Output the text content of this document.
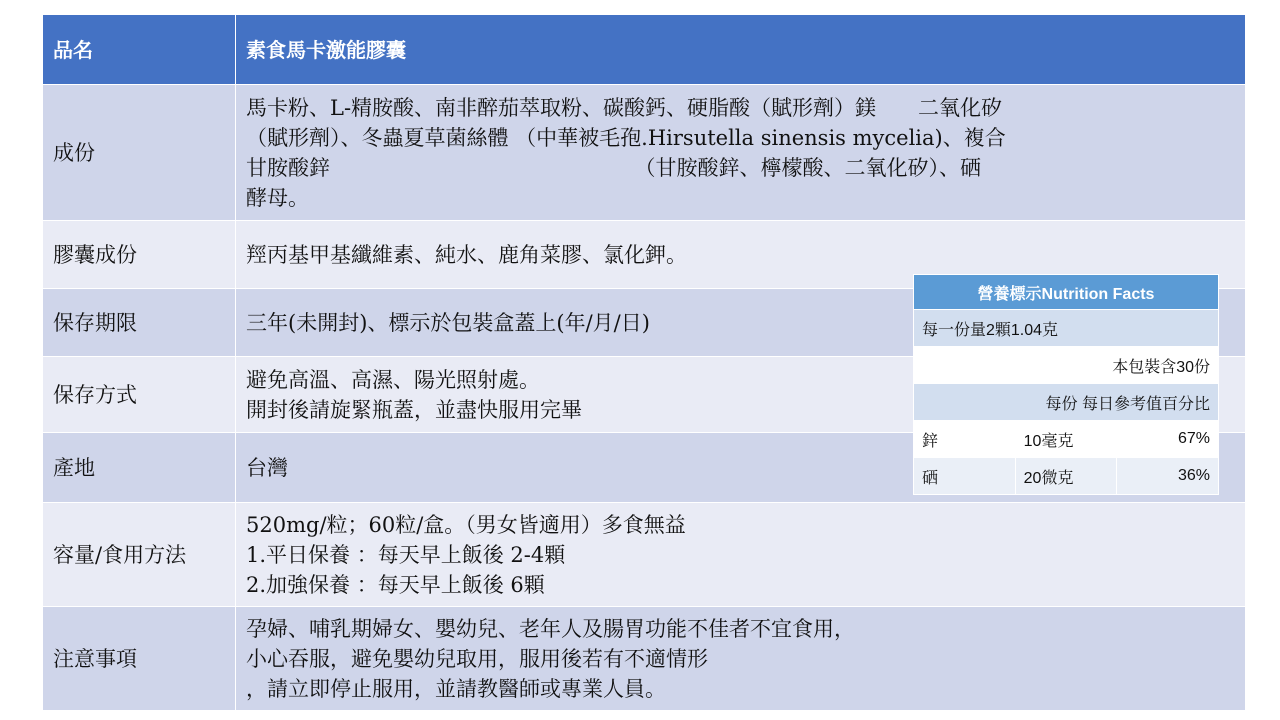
品名	素食馬卡激能膠囊

成份	馬卡粉、L-精胺酸、南非醉茄萃取粉、碳酸鈣、硬脂酸（賦形劑）鎂　　二氧化矽
（賦形劑）、冬蟲夏草菌絲體 （中華被毛孢.Hirsutella sinensis mycelia)、複合
甘胺酸鋅　　　　　　　　　　　　　　　（甘胺酸鋅、檸檬酸、二氧化矽）、硒
酵母。

膠囊成份	羥丙基甲基纖維素、純水、鹿角菜膠、氯化鉀。

保存期限	三年(未開封)、標示於包裝盒蓋上(年/月/日)

保存方式	避免高溫、高濕、陽光照射處。
開封後請旋緊瓶蓋，並盡快服用完畢

產地	台灣

容量/食用方法	520mg/粒；60粒/盒。（男女皆適用）多食無益
1.平日保養 ：每天早上飯後 2-4顆
2.加強保養 ：每天早上飯後 6顆

注意事項	孕婦、哺乳期婦女、嬰幼兒、老年人及腸胃功能不佳者不宜食用，
小心吞服，避免嬰幼兒取用，服用後若有不適情形
，請立即停止服用，並請教醫師或專業人員。
營養標示Nutrition Facts		
每一份量2顆1.04克		
本包裝含30份		
每份 每日參考值百分比		
鋅	10毫克	67%
硒	20微克	36%
